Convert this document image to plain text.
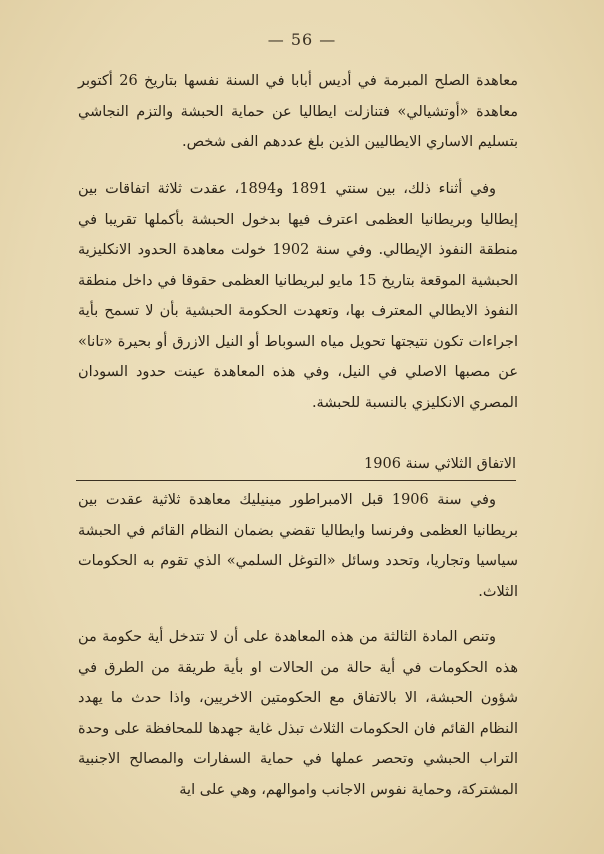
— 56 —

معاهدة الصلح المبرمة في أديس أبابا في السنة نفسها بتاريخ 26 أكتوبر معاهدة «أوتشيالي» فتنازلت ايطاليا عن حماية الحبشة والتزم النجاشي بتسليم الاساري الايطاليين الذين بلغ عددهم الفى شخص.

وفي أثناء ذلك، بين سنتي 1891 و1894، عقدت ثلاثة اتفاقات بين إيطاليا وبريطانيا العظمى اعترف فيها بدخول الحبشة بأكملها تقريبا في منطقة النفوذ الإيطالي. وفي سنة 1902 خولت معاهدة الحدود الانكليزية الحبشية الموقعة بتاريخ 15 مايو لبريطانيا العظمى حقوقا في داخل منطقة النفوذ الايطالي المعترف بها، وتعهدت الحكومة الحبشية بأن لا تسمح بأية اجراءات تكون نتيجتها تحويل مياه السوباط أو النيل الازرق أو بحيرة «تانا» عن مصبها الاصلي في النيل، وفي هذه المعاهدة عينت حدود السودان المصري الانكليزي بالنسبة للحبشة.

الاتفاق الثلاثي سنة 1906

وفي سنة 1906 قبل الامبراطور مينيليك معاهدة ثلاثية عقدت بين بريطانيا العظمى وفرنسا وايطاليا تقضي بضمان النظام القائم في الحبشة سياسيا وتجاريا، وتحدد وسائل «التوغل السلمي» الذي تقوم به الحكومات الثلاث.

وتنص المادة الثالثة من هذه المعاهدة على أن لا تتدخل أية حكومة من هذه الحكومات في أية حالة من الحالات او بأية طريقة من الطرق في شؤون الحبشة، الا بالاتفاق مع الحكومتين الاخريين، واذا حدث ما يهدد النظام القائم فان الحكومات الثلاث تبذل غاية جهدها للمحافظة على وحدة التراب الحبشي وتحصر عملها في حماية السفارات والمصالح الاجنبية المشتركة، وحماية نفوس الاجانب واموالهم، وهي على اية
